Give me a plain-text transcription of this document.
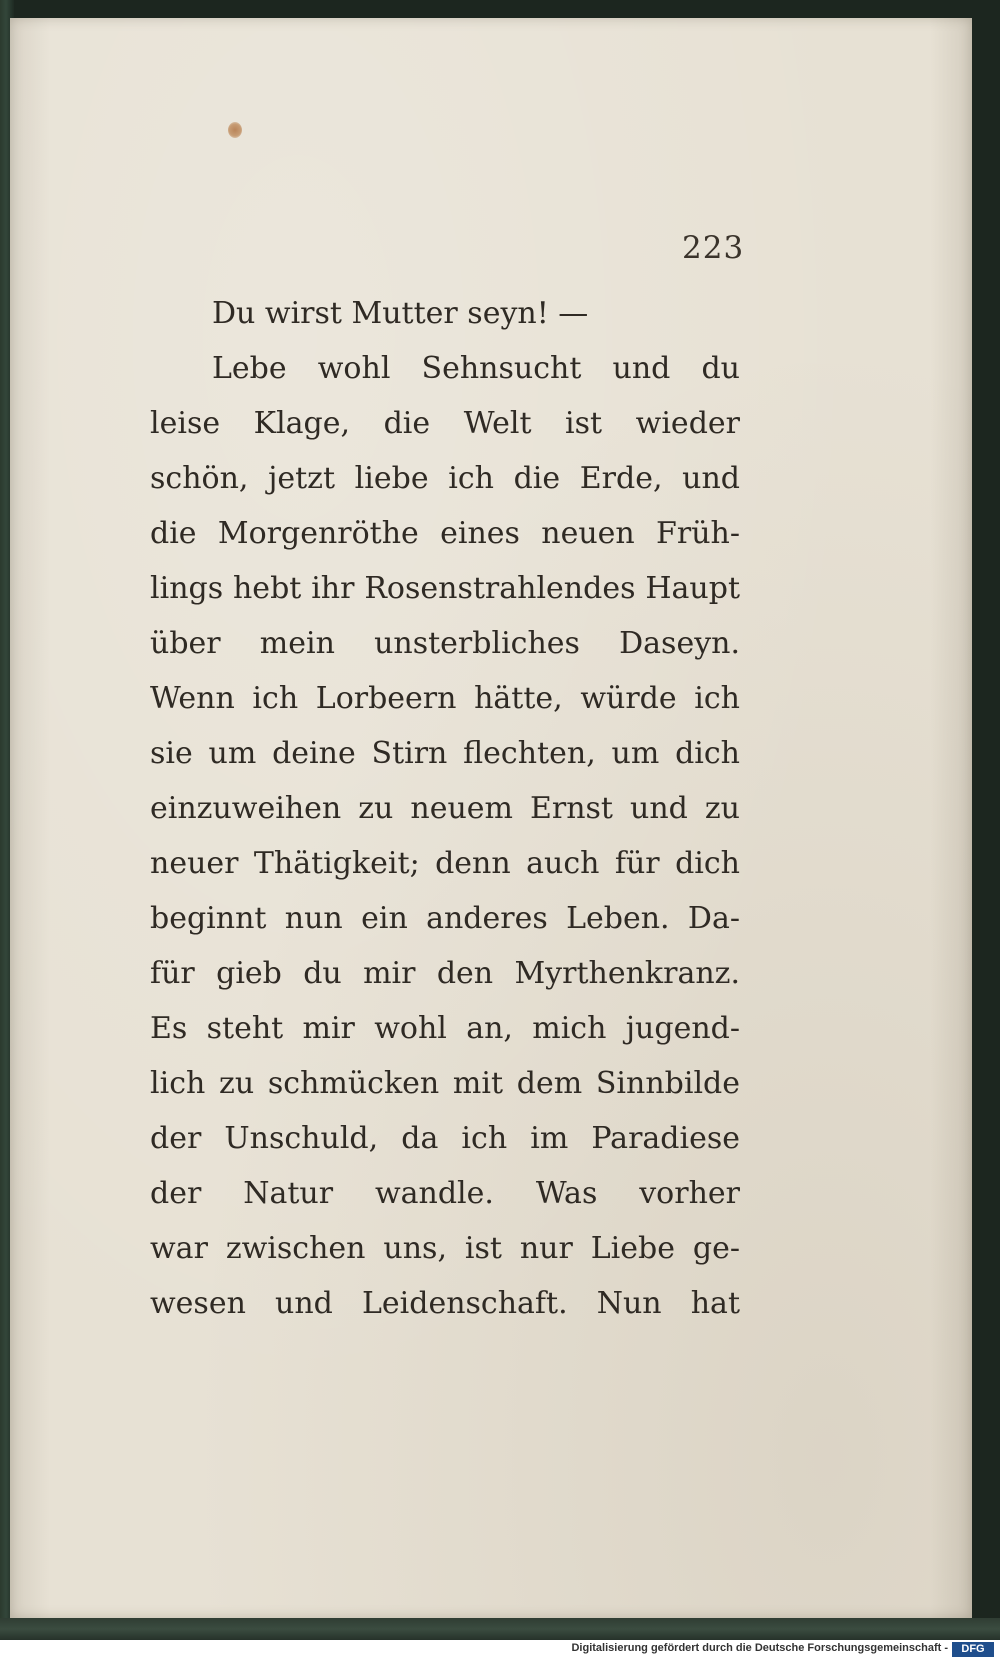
223
Du wirst Mutter seyn! —
Lebe wohl Sehnsucht und du
leise Klage, die Welt ist wieder
schön, jetzt liebe ich die Erde, und
die Morgenröthe eines neuen Früh-
lings hebt ihr Rosenstrahlendes Haupt
über mein unsterbliches Daseyn.
Wenn ich Lorbeern hätte, würde ich
sie um deine Stirn flechten, um dich
einzuweihen zu neuem Ernst und zu
neuer Thätigkeit; denn auch für dich
beginnt nun ein anderes Leben. Da-
für gieb du mir den Myrthenkranz.
Es steht mir wohl an, mich jugend-
lich zu schmücken mit dem Sinnbilde
der Unschuld, da ich im Paradiese
der Natur wandle. Was vorher
war zwischen uns, ist nur Liebe ge-
wesen und Leidenschaft. Nun hat
Digitalisierung gefördert durch die Deutsche Forschungsgemeinschaft -	DFG
